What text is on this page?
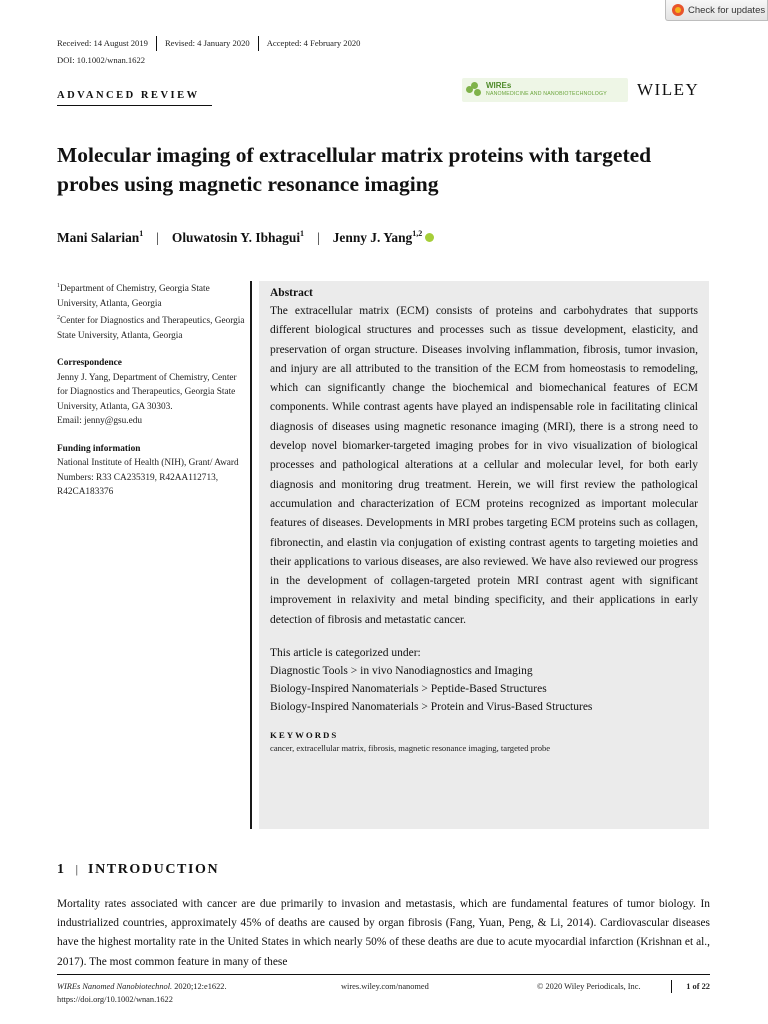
Check for updates
Received: 14 August 2019	Revised: 4 January 2020	Accepted: 4 February 2020
DOI: 10.1002/wnan.1622
ADVANCED REVIEW
WIREs
NANOMEDICINE AND NANOBIOTECHNOLOGY WILEY
Molecular imaging of extracellular matrix proteins with targeted probes using magnetic resonance imaging
Mani Salarian$^1$ | Oluwatosin Y. Ibhagui$^1$ | Jenny J. Yang$^{1,2}$

$^1$Department of Chemistry, Georgia State University, Atlanta, Georgia

$^2$Center for Diagnostics and Therapeutics, Georgia State University, Atlanta, Georgia

Correspondence

Jenny J. Yang, Department of Chemistry, Center for Diagnostics and Therapeutics, Georgia State University, Atlanta, GA 30303.

Email: jenny@gsu.edu

Funding information

National Institute of Health (NIH), Grant/ Award Numbers: R33 CA235319, R42AA112713, R42CA183376

Abstract
The extracellular matrix (ECM) consists of proteins and carbohydrates that supports different biological structures and processes such as tissue development, elasticity, and preservation of organ structure. Diseases involving inflammation, fibrosis, tumor invasion, and injury are all attributed to the transition of the ECM from homeostasis to remodeling, which can significantly change the biochemical and biomechanical features of ECM components. While contrast agents have played an indispensable role in facilitating clinical diagnosis of diseases using magnetic resonance imaging (MRI), there is a strong need to develop novel biomarker-targeted imaging probes for in vivo visualization of biological processes and pathological alterations at a cellular and molecular level, for both early diagnosis and monitoring drug treatment. Herein, we will first review the pathological accumulation and characterization of ECM proteins recognized as important molecular features of diseases. Developments in MRI probes targeting ECM proteins such as collagen, fibronectin, and elastin via conjugation of existing contrast agents to targeting moieties and their applications to various diseases, are also reviewed. We have also reviewed our progress in the development of collagen-targeted protein MRI contrast agent with significant improvement in relaxivity and metal binding specificity, and their applications in early detection of fibrosis and metastatic cancer.
This article is categorized under:
Diagnostic Tools > in vivo Nanodiagnostics and Imaging
Biology-Inspired Nanomaterials > Peptide-Based Structures
Biology-Inspired Nanomaterials > Protein and Virus-Based Structures
KEYWORDS
cancer, extracellular matrix, fibrosis, magnetic resonance imaging, targeted probe
1 | INTRODUCTION

Mortality rates associated with cancer are due primarily to invasion and metastasis, which are fundamental features of tumor biology. In industrialized countries, approximately 45% of deaths are caused by organ fibrosis (Fang, Yuan, Peng, & Li, 2014). Cardiovascular diseases have the highest mortality rate in the United States in which nearly 50% of these deaths are due to acute myocardial infarction (Krishnan et al., 2017). The most common feature in many of these

WIREs Nanomed Nanobiotechnol. 2020;12:e1622.
https://doi.org/10.1002/wnan.1622
wires.wiley.com/nanomed	© 2020 Wiley Periodicals, Inc.	1 of 22
